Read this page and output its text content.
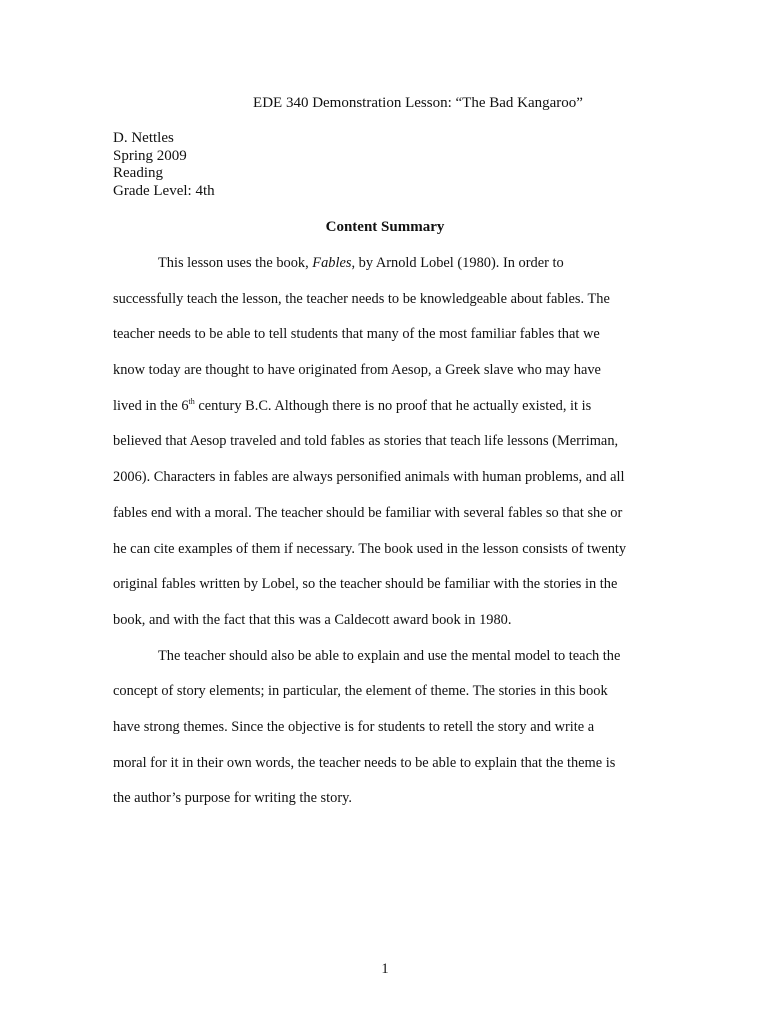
EDE 340 Demonstration Lesson: “The Bad Kangaroo”
D. Nettles
Spring 2009
Reading
Grade Level: 4th
Content Summary
This lesson uses the book, Fables, by Arnold Lobel (1980). In order to
successfully teach the lesson, the teacher needs to be knowledgeable about fables. The
teacher needs to be able to tell students that many of the most familiar fables that we
know today are thought to have originated from Aesop, a Greek slave who may have
lived in the 6th century B.C. Although there is no proof that he actually existed, it is
believed that Aesop traveled and told fables as stories that teach life lessons (Merriman,
2006). Characters in fables are always personified animals with human problems, and all
fables end with a moral. The teacher should be familiar with several fables so that she or
he can cite examples of them if necessary. The book used in the lesson consists of twenty
original fables written by Lobel, so the teacher should be familiar with the stories in the
book, and with the fact that this was a Caldecott award book in 1980.
The teacher should also be able to explain and use the mental model to teach the
concept of story elements; in particular, the element of theme. The stories in this book
have strong themes. Since the objective is for students to retell the story and write a
moral for it in their own words, the teacher needs to be able to explain that the theme is
the author’s purpose for writing the story.
1
